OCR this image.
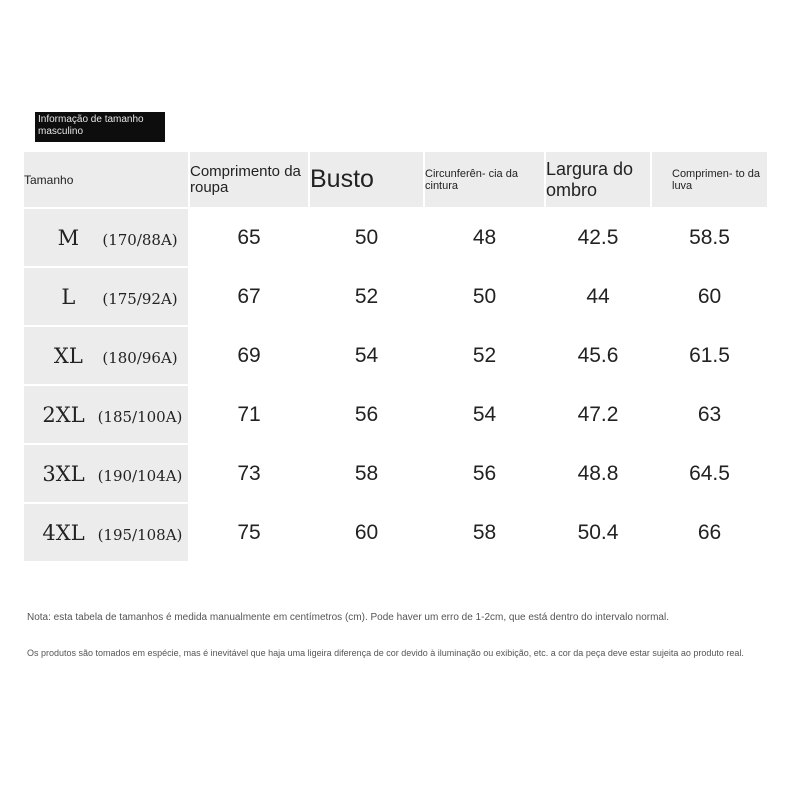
Informação de tamanho masculino
Tamanho	Comprimento da roupa	Busto	Circunferên- cia da cintura	Largura do ombro	Comprimen- to da luva
M (170/88A)	65	50	48	42.5	58.5
L (175/92A)	67	52	50	44	60
XL (180/96A)	69	54	52	45.6	61.5
2XL (185/100A)	71	56	54	47.2	63
3XL (190/104A)	73	58	56	48.8	64.5
4XL (195/108A)	75	60	58	50.4	66
Nota: esta tabela de tamanhos é medida manualmente em centímetros (cm). Pode haver um erro de 1-2cm, que está dentro do intervalo normal.
Os produtos são tomados em espécie, mas é inevitável que haja uma ligeira diferença de cor devido à iluminação ou exibição, etc. a cor da peça deve estar sujeita ao produto real.
